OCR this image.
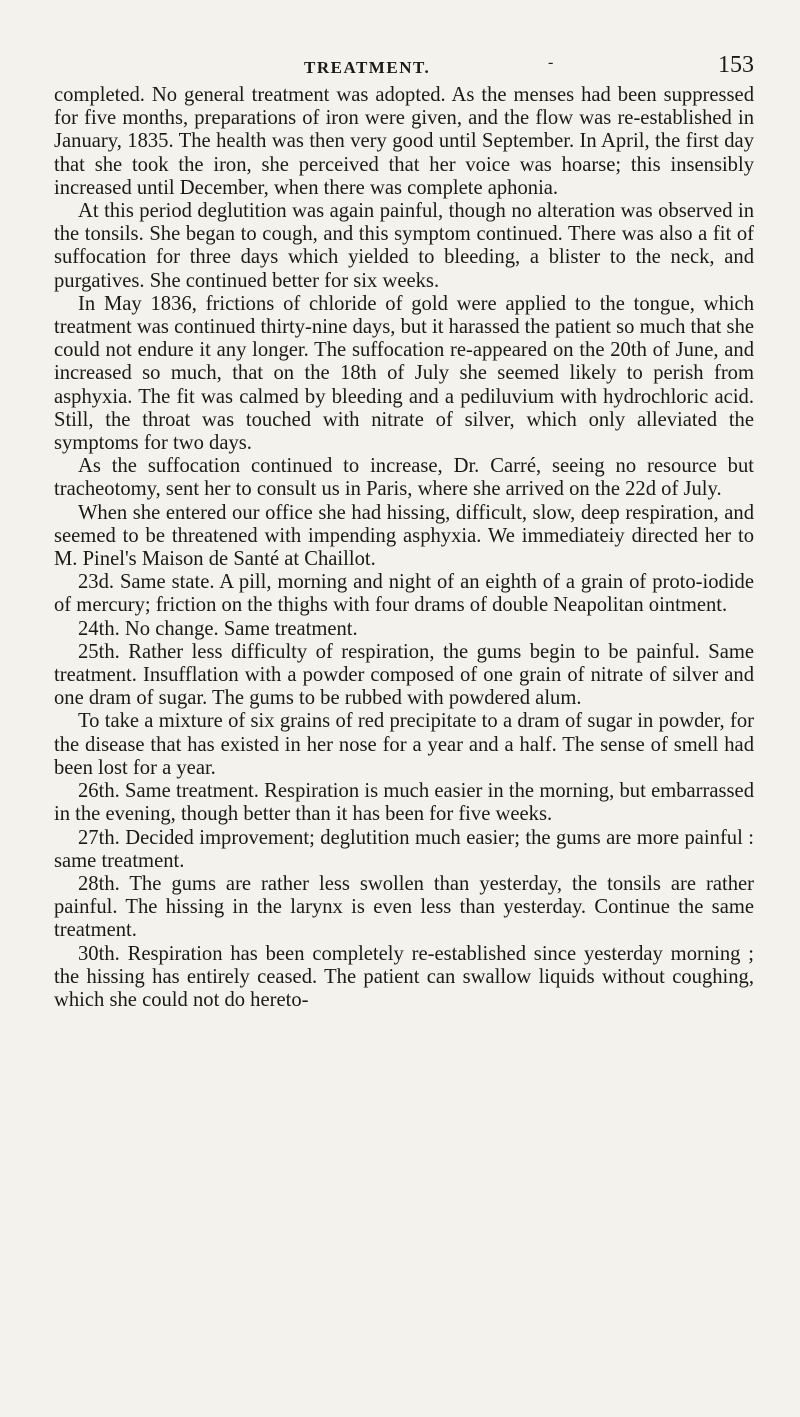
TREATMENT.	-	153

completed. No general treatment was adopted. As the menses had been suppressed for five months, preparations of iron were given, and the flow was re-established in January, 1835. The health was then very good until September. In April, the first day that she took the iron, she perceived that her voice was hoarse; this insensibly increased until December, when there was complete aphonia.

At this period deglutition was again painful, though no alteration was observed in the tonsils. She began to cough, and this symptom continued. There was also a fit of suffocation for three days which yielded to bleeding, a blister to the neck, and purgatives. She continued better for six weeks.

In May 1836, frictions of chloride of gold were applied to the tongue, which treatment was continued thirty-nine days, but it harassed the patient so much that she could not endure it any longer. The suffocation re-appeared on the 20th of June, and increased so much, that on the 18th of July she seemed likely to perish from asphyxia. The fit was calmed by bleeding and a pediluvium with hydrochloric acid. Still, the throat was touched with nitrate of silver, which only alleviated the symptoms for two days.

As the suffocation continued to increase, Dr. Carré, seeing no resource but tracheotomy, sent her to consult us in Paris, where she arrived on the 22d of July.

When she entered our office she had hissing, difficult, slow, deep respiration, and seemed to be threatened with impending asphyxia. We immediateiy directed her to M. Pinel's Maison de Santé at Chaillot.

23d. Same state. A pill, morning and night of an eighth of a grain of proto-iodide of mercury; friction on the thighs with four drams of double Neapolitan ointment.

24th. No change. Same treatment.

25th. Rather less difficulty of respiration, the gums begin to be painful. Same treatment. Insufflation with a powder composed of one grain of nitrate of silver and one dram of sugar. The gums to be rubbed with powdered alum.

To take a mixture of six grains of red precipitate to a dram of sugar in powder, for the disease that has existed in her nose for a year and a half. The sense of smell had been lost for a year.

26th. Same treatment. Respiration is much easier in the morning, but embarrassed in the evening, though better than it has been for five weeks.

27th. Decided improvement; deglutition much easier; the gums are more painful : same treatment.

28th. The gums are rather less swollen than yesterday, the tonsils are rather painful. The hissing in the larynx is even less than yesterday. Continue the same treatment.

30th. Respiration has been completely re-established since yesterday morning ; the hissing has entirely ceased. The patient can swallow liquids without coughing, which she could not do hereto-
